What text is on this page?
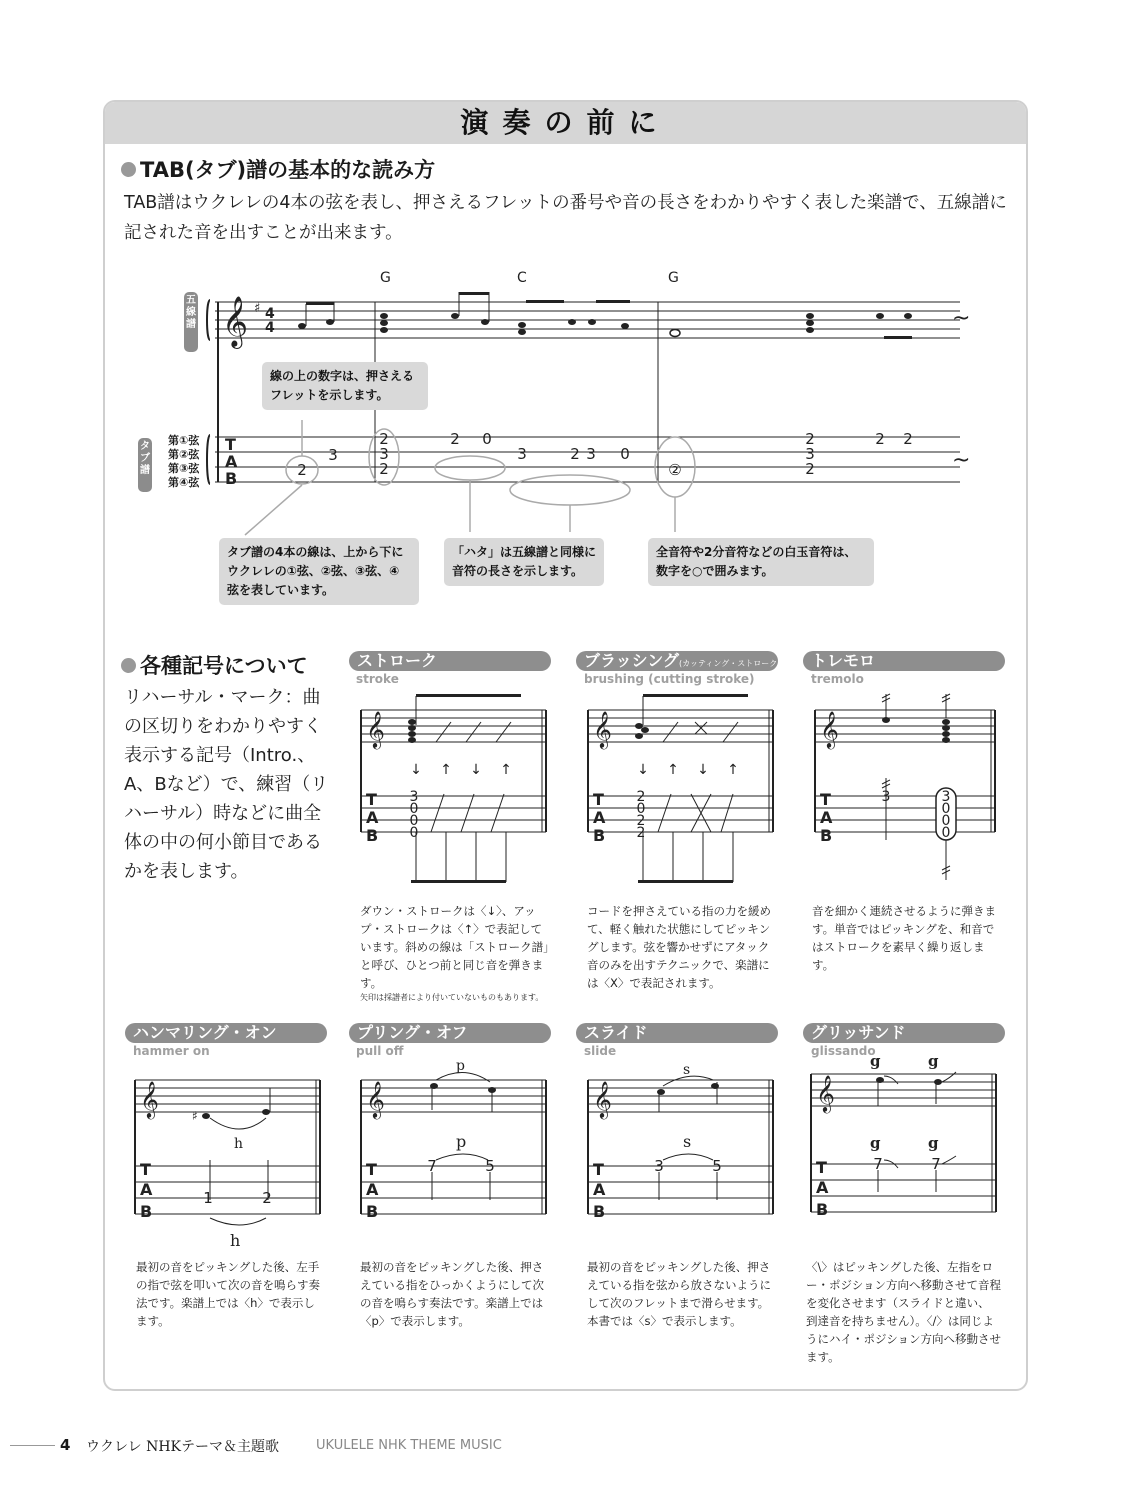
演奏の前に
TAB(タブ)譜の基本的な読み方
TAB譜はウクレレの4本の弦を表し、押さえるフレットの番号や音の長さをわかりやすく表した楽譜で、五線譜に記された音を出すことが出来ます。
𝄞 ♯ 4
4
T
A
B
G	C	G
2
3
2
3
2
2 0
3	2 3 0
②
2
3
2
2 2
~
~
五線譜
タブ譜
第①弦
第②弦
第③弦
第④弦
線の上の数字は、押さえるフレットを示します。
タブ譜の4本の線は、上から下にウクレレの①弦、②弦、③弦、④弦を表しています。
「ハタ」は五線譜と同様に音符の長さを示します。
全音符や2分音符などの白玉音符は、数字を○で囲みます。
各種記号について
リハーサル・マーク：曲の区切りをわかりやすく表示する記号（Intro.、A、Bなど）で、練習（リハーサル）時などに曲全体の中の何小節目であるかを表します。
ストローク
stroke
ブラッシング(カッティング・ストローク)
brushing (cutting stroke)
トレモロ
tremolo
𝄞
↓ ↑ ↓ ↑
T
A
B
3
0
0
0
𝄞
↓ ↑ ↓ ↑
T
A
B
2
0
2
2
𝄞
T
A
B
3	3
0
0
0
ダウン・ストロークは〈↓〉、アップ・ストロークは〈↑〉で表記しています。斜めの線は「ストローク譜」と呼び、ひとつ前と同じ音を弾きます。
矢印は採譜者により付いていないものもあります。
コードを押さえている指の力を緩めて、軽く触れた状態にしてピッキングします。弦を響かせずにアタック音のみを出すテクニックで、楽譜には〈X〉で表記されます。
音を細かく連続させるように弾きます。単音ではピッキングを、和音ではストロークを素早く繰り返します。
ハンマリング・オン
hammer on
プリング・オフ
pull off
スライド
slide
グリッサンド
glissando
𝄞	♯
T
A
B
h
h
1	2
𝄞
T
A
B
p
p
7	5
𝄞
T
A
B
s
s
3	5
𝄞
T
A
B
g	g
g	g
7	7
最初の音をピッキングした後、左手の指で弦を叩いて次の音を鳴らす奏法です。楽譜上では〈h〉で表示します。
最初の音をピッキングした後、押さえている指をひっかくようにして次の音を鳴らす奏法です。楽譜上では〈p〉で表示します。
最初の音をピッキングした後、押さえている指を弦から放さないようにして次のフレットまで滑らせます。本書では〈s〉で表示します。
〈\〉はピッキングした後、左指をロー・ポジション方向へ移動させて音程を変化させます（スライドと違い、到達音を持ちません）。〈/〉は同じようにハイ・ポジション方向へ移動させます。
4 ウクレレ NHKテーマ＆主題歌	UKULELE NHK THEME MUSIC
